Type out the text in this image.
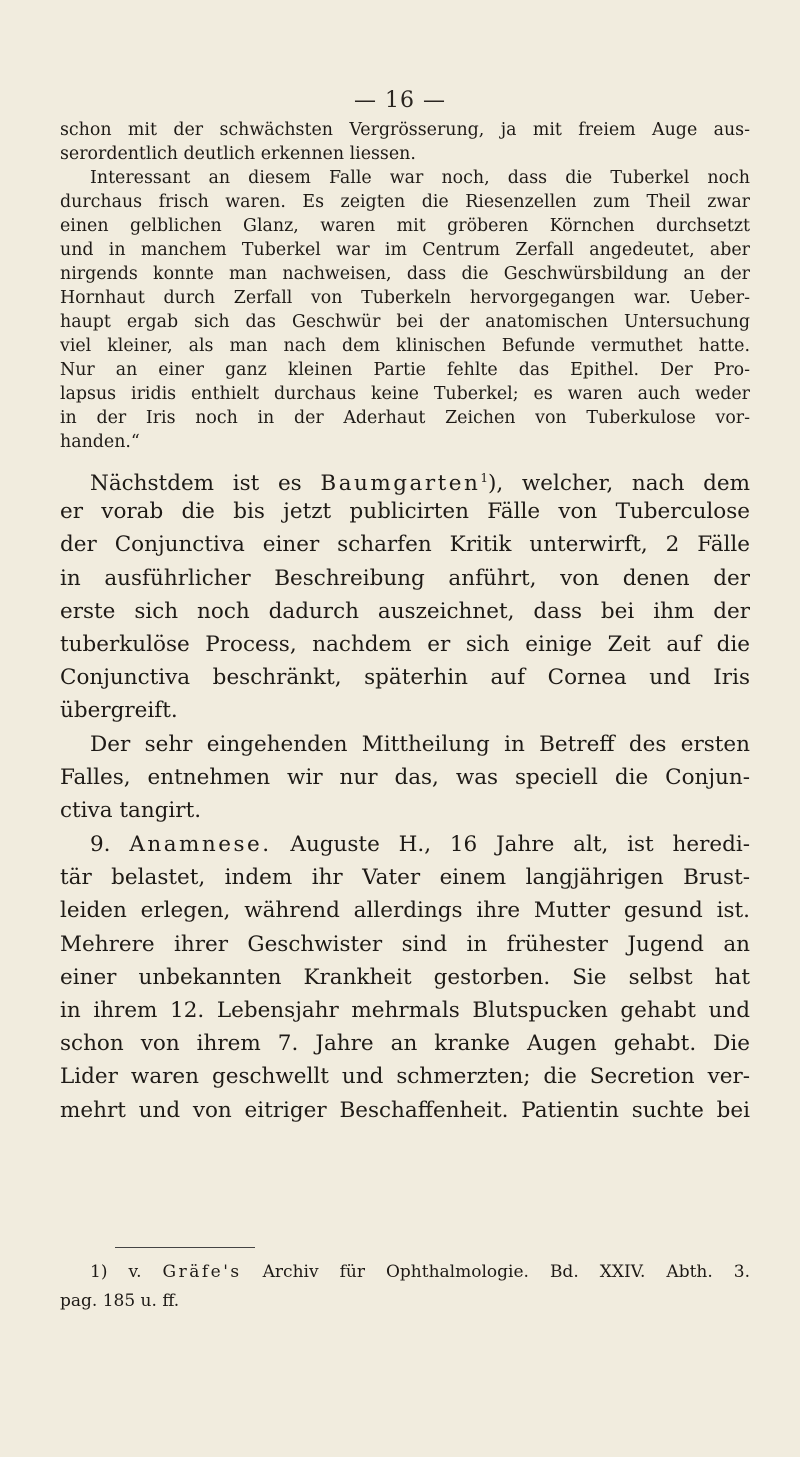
— 16 —
schon mit der schwächsten Vergrösserung, ja mit freiem Auge aus-
serordentlich deutlich erkennen liessen.
Interessant an diesem Falle war noch, dass die Tuberkel noch
durchaus frisch waren. Es zeigten die Riesenzellen zum Theil zwar
einen gelblichen Glanz, waren mit gröberen Körnchen durchsetzt
und in manchem Tuberkel war im Centrum Zerfall angedeutet, aber
nirgends konnte man nachweisen, dass die Geschwürsbildung an der
Hornhaut durch Zerfall von Tuberkeln hervorgegangen war. Ueber-
haupt ergab sich das Geschwür bei der anatomischen Untersuchung
viel kleiner, als man nach dem klinischen Befunde vermuthet hatte.
Nur an einer ganz kleinen Partie fehlte das Epithel. Der Pro-
lapsus iridis enthielt durchaus keine Tuberkel; es waren auch weder
in der Iris noch in der Aderhaut Zeichen von Tuberkulose vor-
handen.“
Nächstdem ist es Baumgarten$^1$), welcher, nach dem
er vorab die bis jetzt publicirten Fälle von Tuberculose
der Conjunctiva einer scharfen Kritik unterwirft, 2 Fälle
in ausführlicher Beschreibung anführt, von denen der
erste sich noch dadurch auszeichnet, dass bei ihm der
tuberkulöse Process, nachdem er sich einige Zeit auf die
Conjunctiva beschränkt, späterhin auf Cornea und Iris
übergreift.
Der sehr eingehenden Mittheilung in Betreff des ersten
Falles, entnehmen wir nur das, was speciell die Conjun-
ctiva tangirt.
9. Anamnese. Auguste H., 16 Jahre alt, ist heredi-
tär belastet, indem ihr Vater einem langjährigen Brust-
leiden erlegen, während allerdings ihre Mutter gesund ist.
Mehrere ihrer Geschwister sind in frühester Jugend an
einer unbekannten Krankheit gestorben. Sie selbst hat
in ihrem 12. Lebensjahr mehrmals Blutspucken gehabt und
schon von ihrem 7. Jahre an kranke Augen gehabt. Die
Lider waren geschwellt und schmerzten; die Secretion ver-
mehrt und von eitriger Beschaffenheit. Patientin suchte bei
1) v. Gräfe's Archiv für Ophthalmologie. Bd. XXIV. Abth. 3.
pag. 185 u. ff.
